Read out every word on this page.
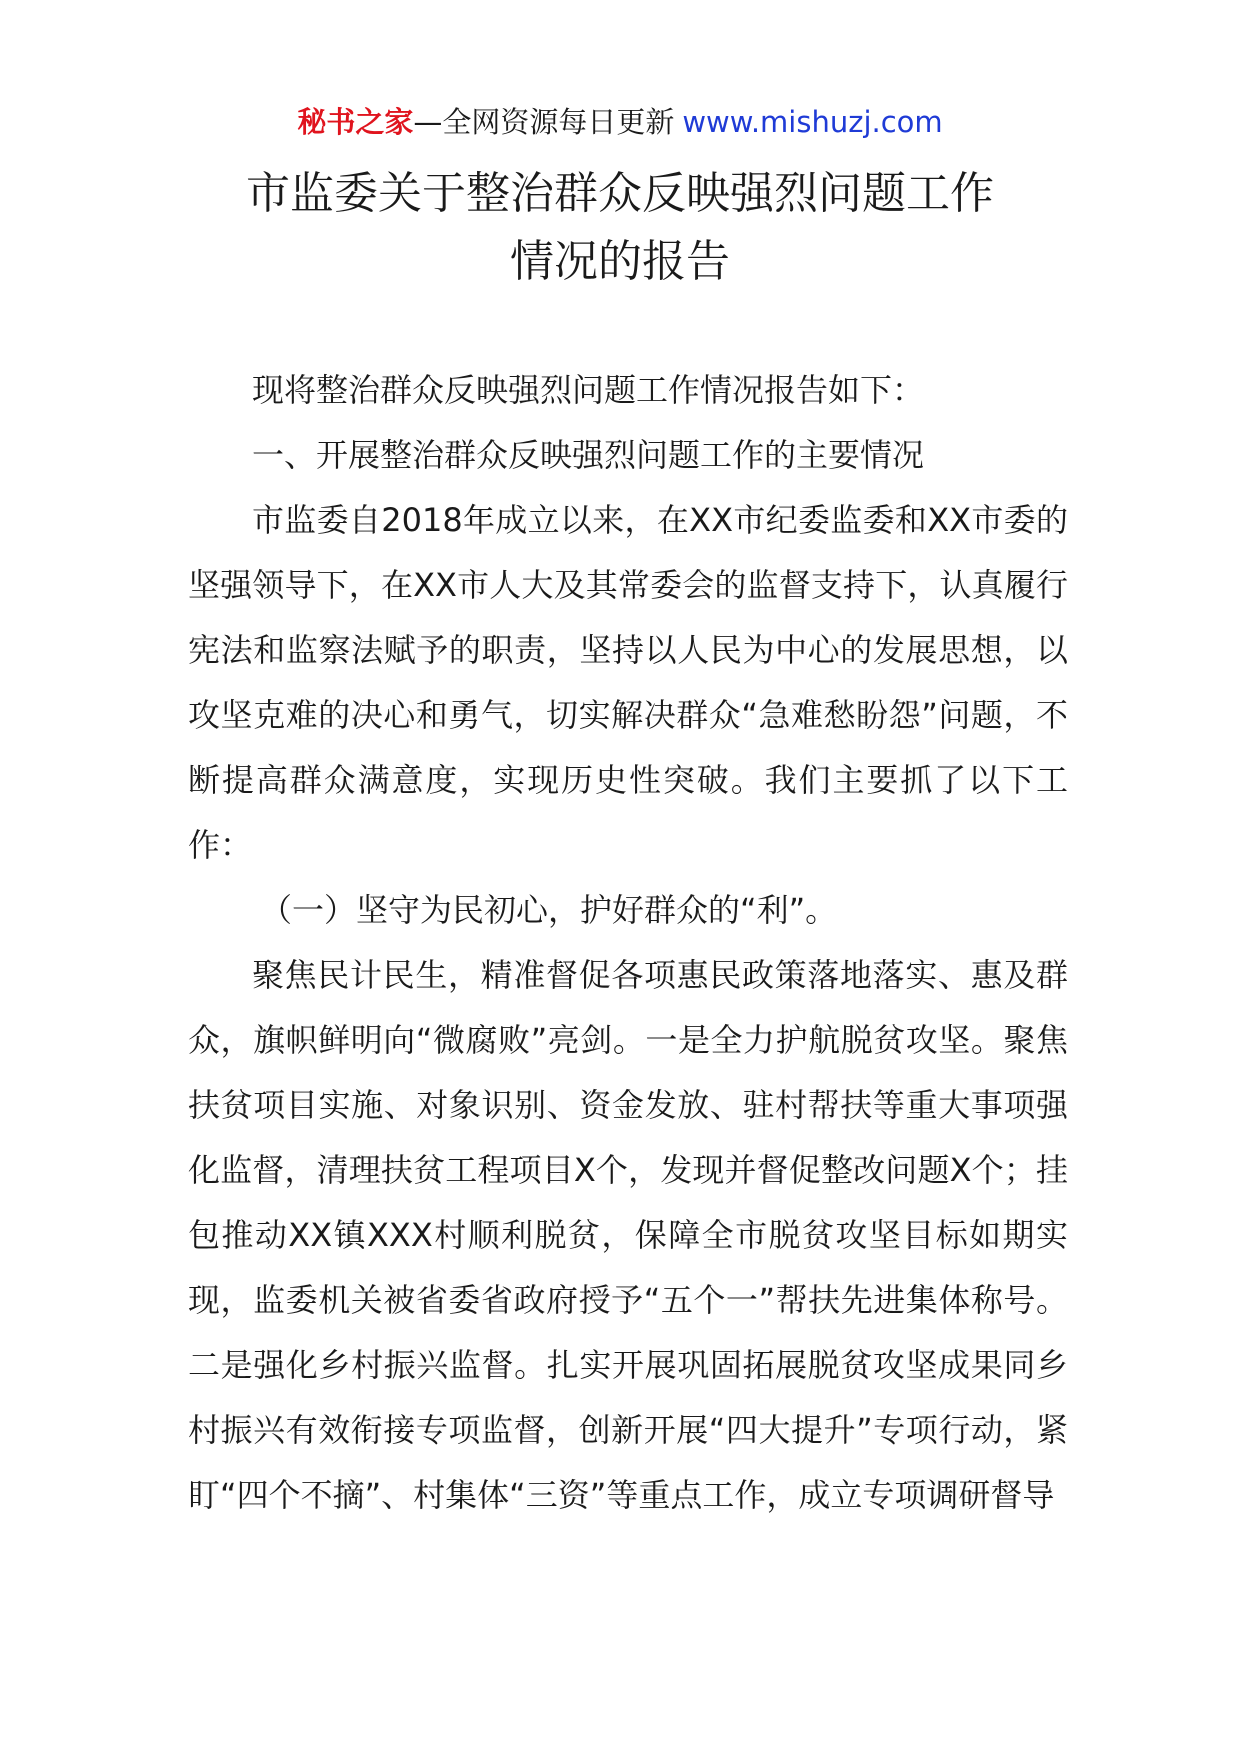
秘书之家—全网资源每日更新 www.mishuzj.com
市监委关于整治群众反映强烈问题工作
情况的报告

现将整治群众反映强烈问题工作情况报告如下：

一、开展整治群众反映强烈问题工作的主要情况

市监委自2018年成立以来，在XX市纪委监委和XX市委的坚强领导下，在XX市人大及其常委会的监督支持下，认真履行宪法和监察法赋予的职责，坚持以人民为中心的发展思想，以攻坚克难的决心和勇气，切实解决群众“急难愁盼怨”问题，不断提高群众满意度，实现历史性突破。我们主要抓了以下工作：

（一）坚守为民初心，护好群众的“利”。

聚焦民计民生，精准督促各项惠民政策落地落实、惠及群众，旗帜鲜明向“微腐败”亮剑。一是全力护航脱贫攻坚。聚焦扶贫项目实施、对象识别、资金发放、驻村帮扶等重大事项强化监督，清理扶贫工程项目X个，发现并督促整改问题X个；挂包推动XX镇XXX村顺利脱贫，保障全市脱贫攻坚目标如期实现，监委机关被省委省政府授予“五个一”帮扶先进集体称号。二是强化乡村振兴监督。扎实开展巩固拓展脱贫攻坚成果同乡村振兴有效衔接专项监督，创新开展“四大提升”专项行动，紧盯“四个不摘”、村集体“三资”等重点工作，成立专项调研督导
